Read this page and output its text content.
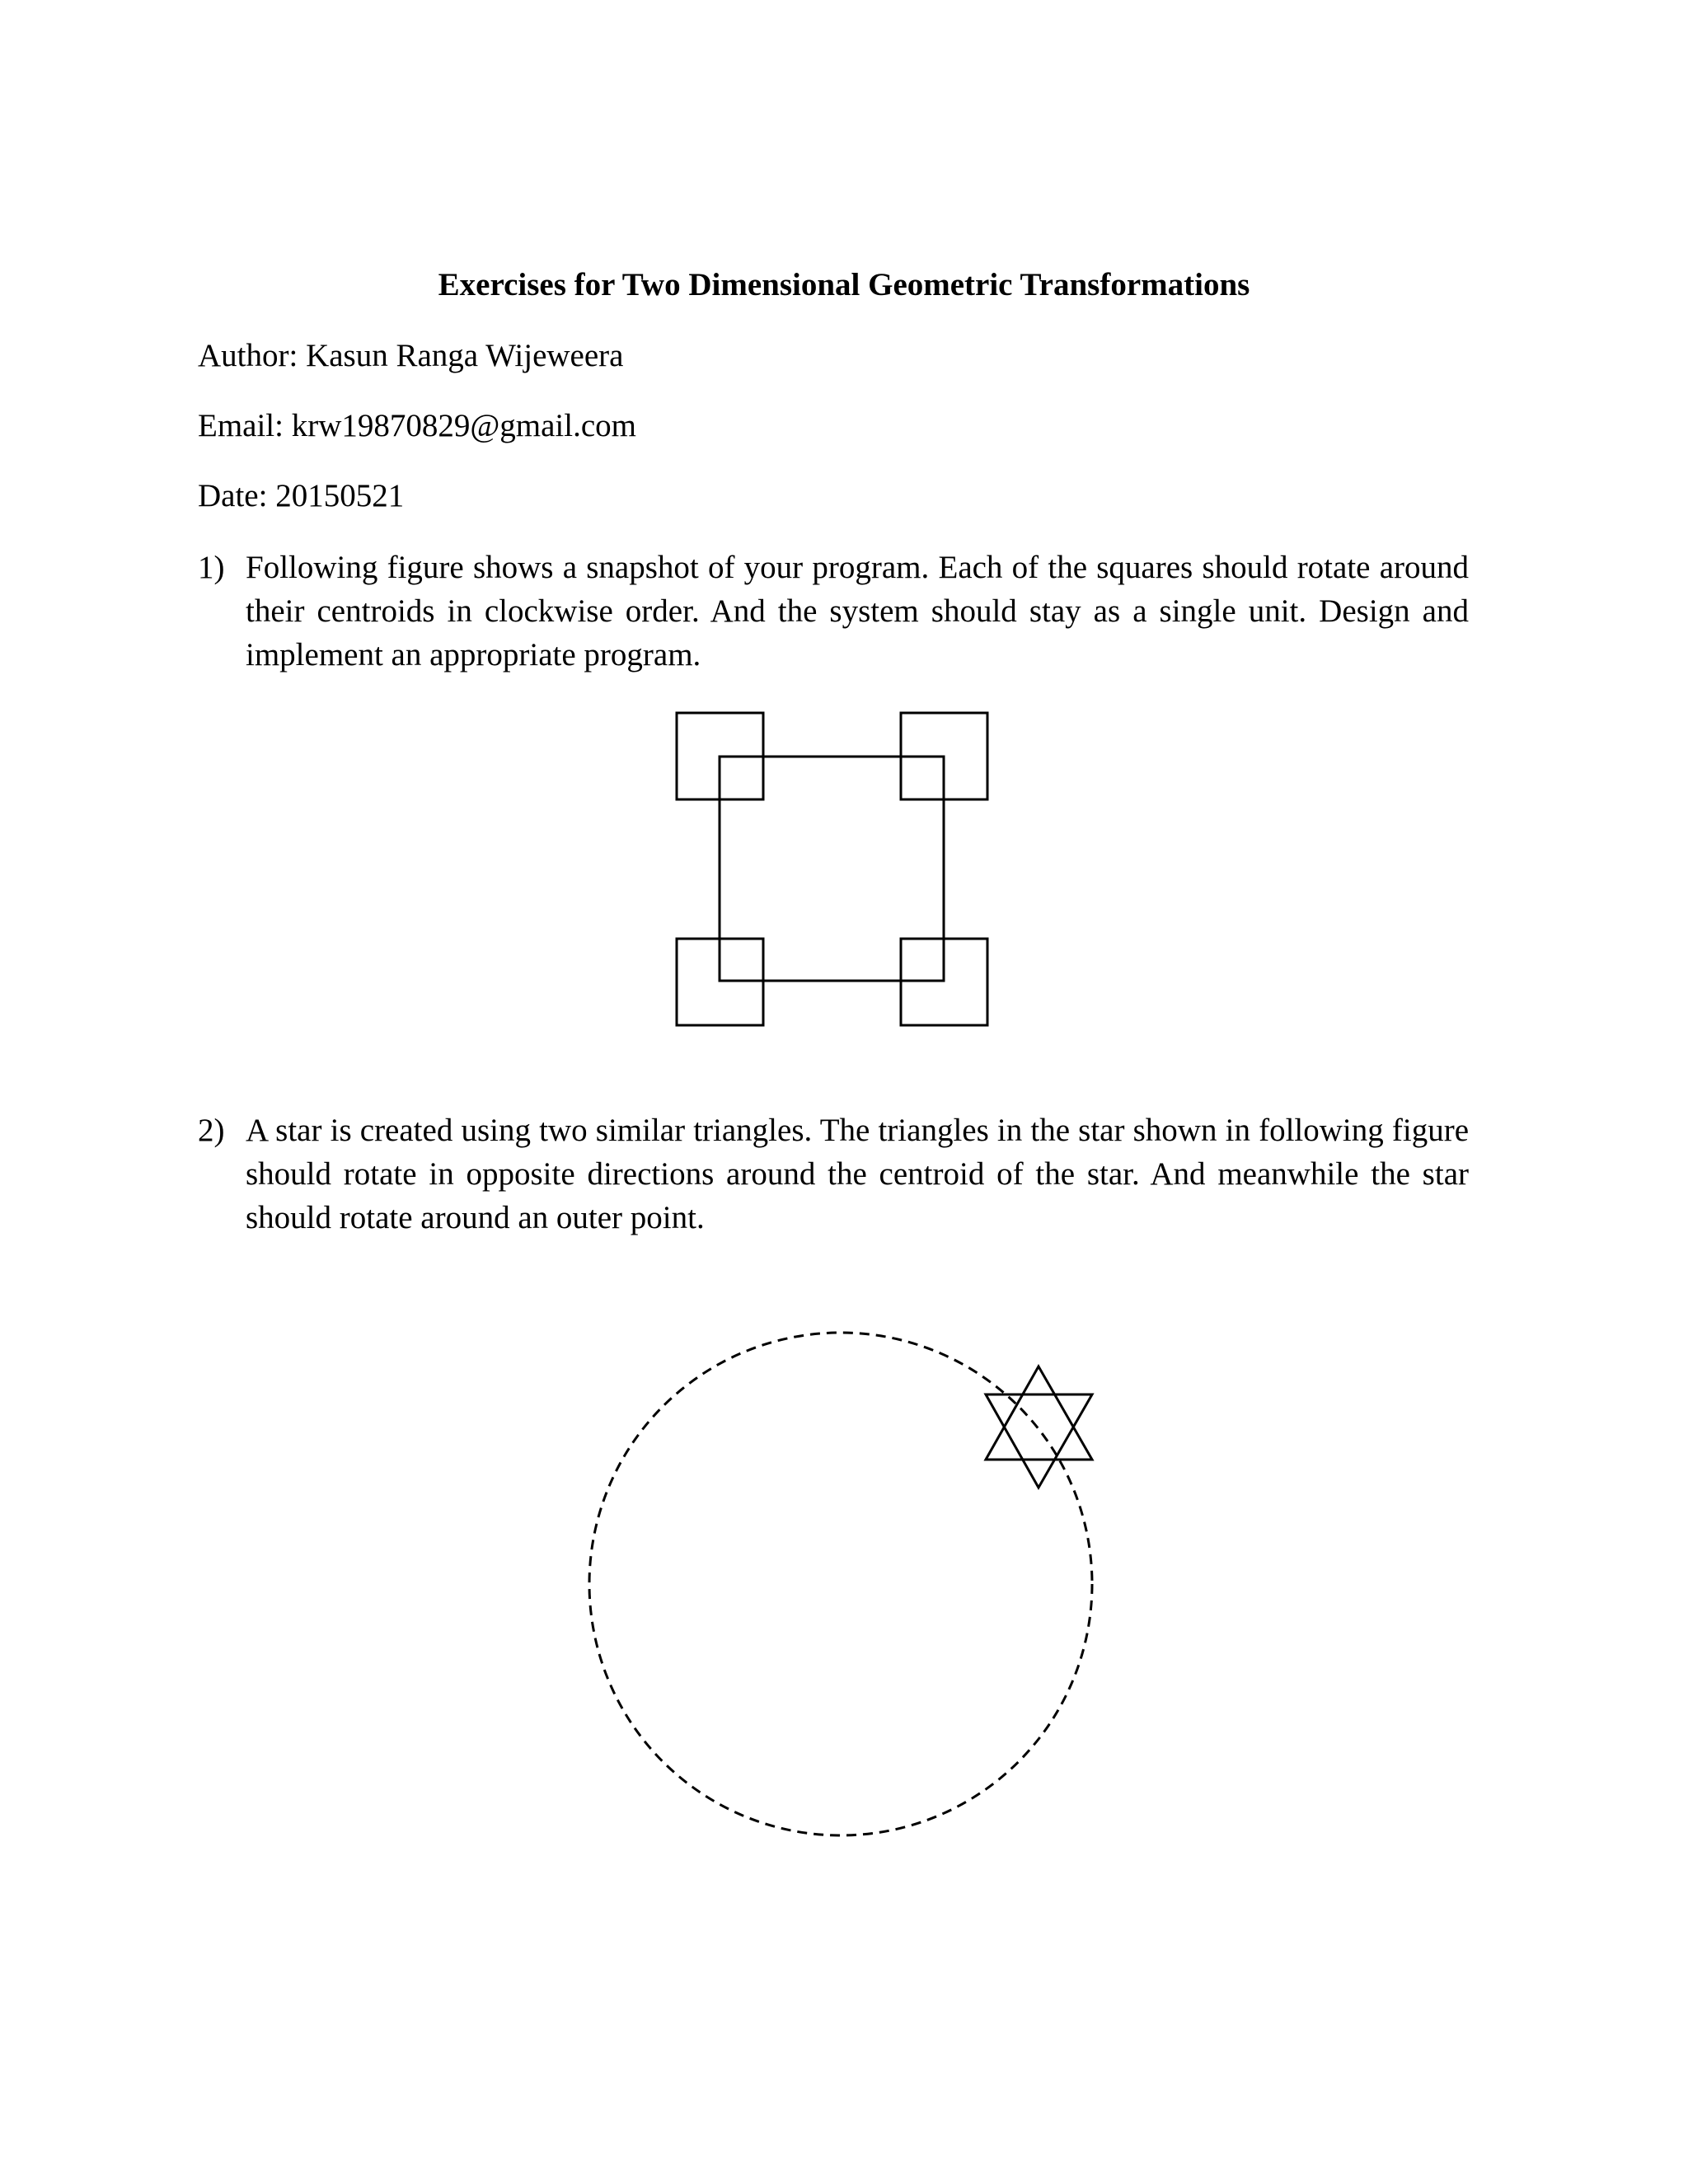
Exercises for Two Dimensional Geometric Transformations
Author: Kasun Ranga Wijeweera
Email: krw19870829@gmail.com
Date: 20150521
1) Following figure shows a snapshot of your program. Each of the squares should rotate around their centroids in clockwise order. And the system should stay as a single unit. Design and implement an appropriate program.

2) A star is created using two similar triangles. The triangles in the star shown in following figure should rotate in opposite directions around the centroid of the star. And meanwhile the star should rotate around an outer point.
